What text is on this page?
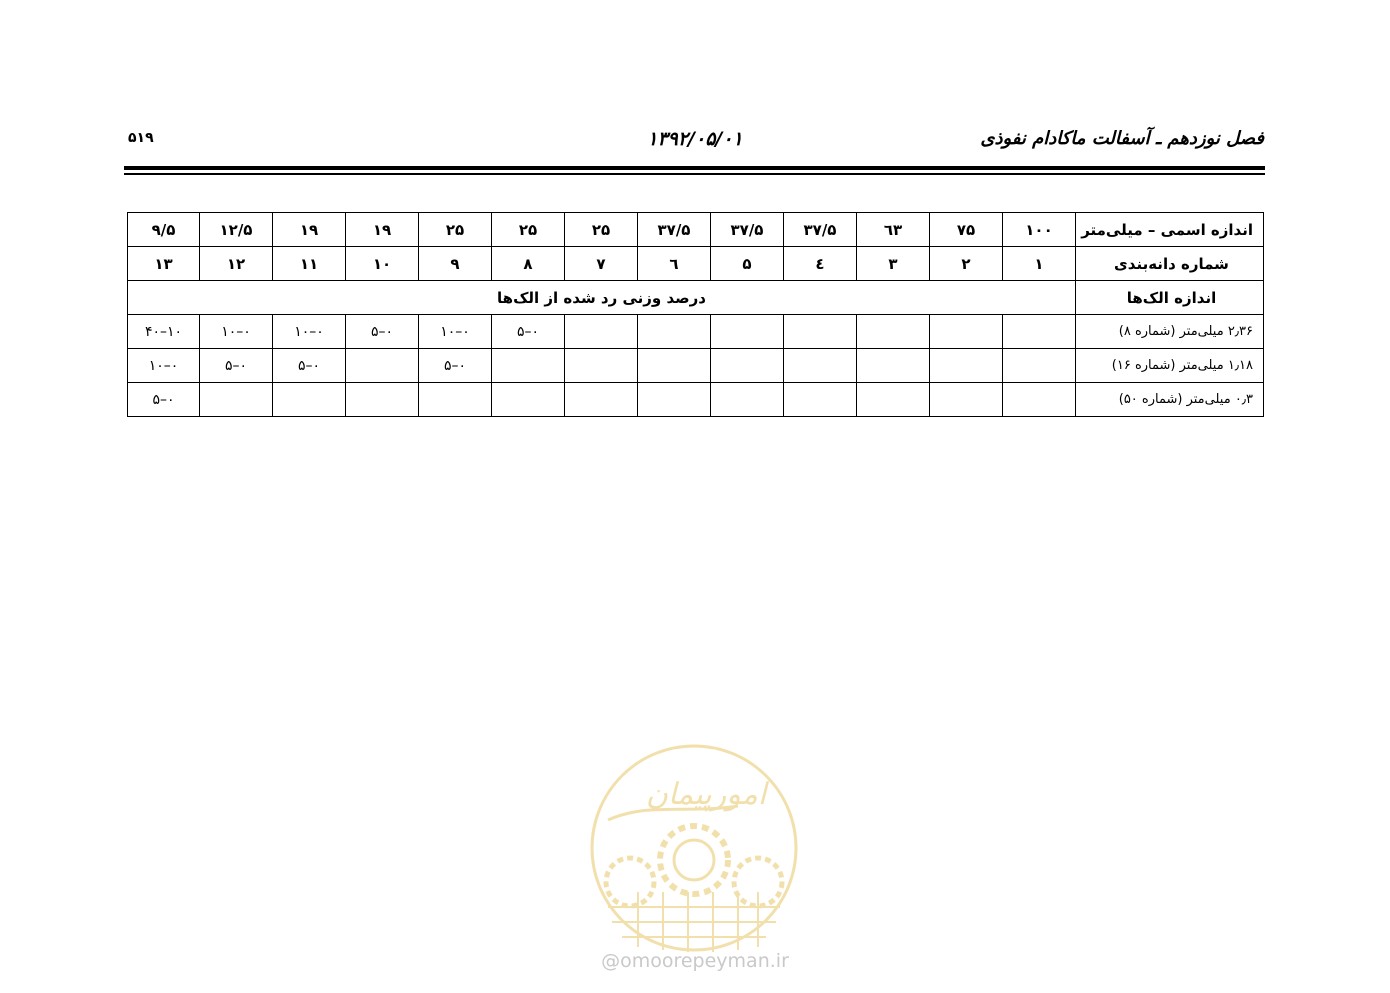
فصل نوزدهم ـ آسفالت ماکادام نفوذی
۱۳۹۲/۰۵/۰۱
۵۱۹
اندازه اسمی – میلی‌متر	۱۰۰	۷۵	٦۳	۳۷/۵	۳۷/۵	۳۷/۵	۲۵	۲۵	۲۵	۱۹	۱۹	۱۲/۵	۹/۵
شماره دانه‌بندی	۱	۲	۳	٤	۵	٦	۷	۸	۹	۱۰	۱۱	۱۲	۱۳
اندازه الک‌ها	درصد وزنی رد شده از الک‌ها												
۲٫۳۶ میلی‌متر (شماره ۸)								۰–۵	۰–۱۰	۰–۵	۰–۱۰	۰–۱۰	۱۰–۴۰
۱٫۱۸ میلی‌متر (شماره ۱۶)									۰–۵		۰–۵	۰–۵	۰–۱۰
۰٫۳ میلی‌متر (شماره ۵۰)													۰–۵
امورپیمان
@omoorepeyman.ir
